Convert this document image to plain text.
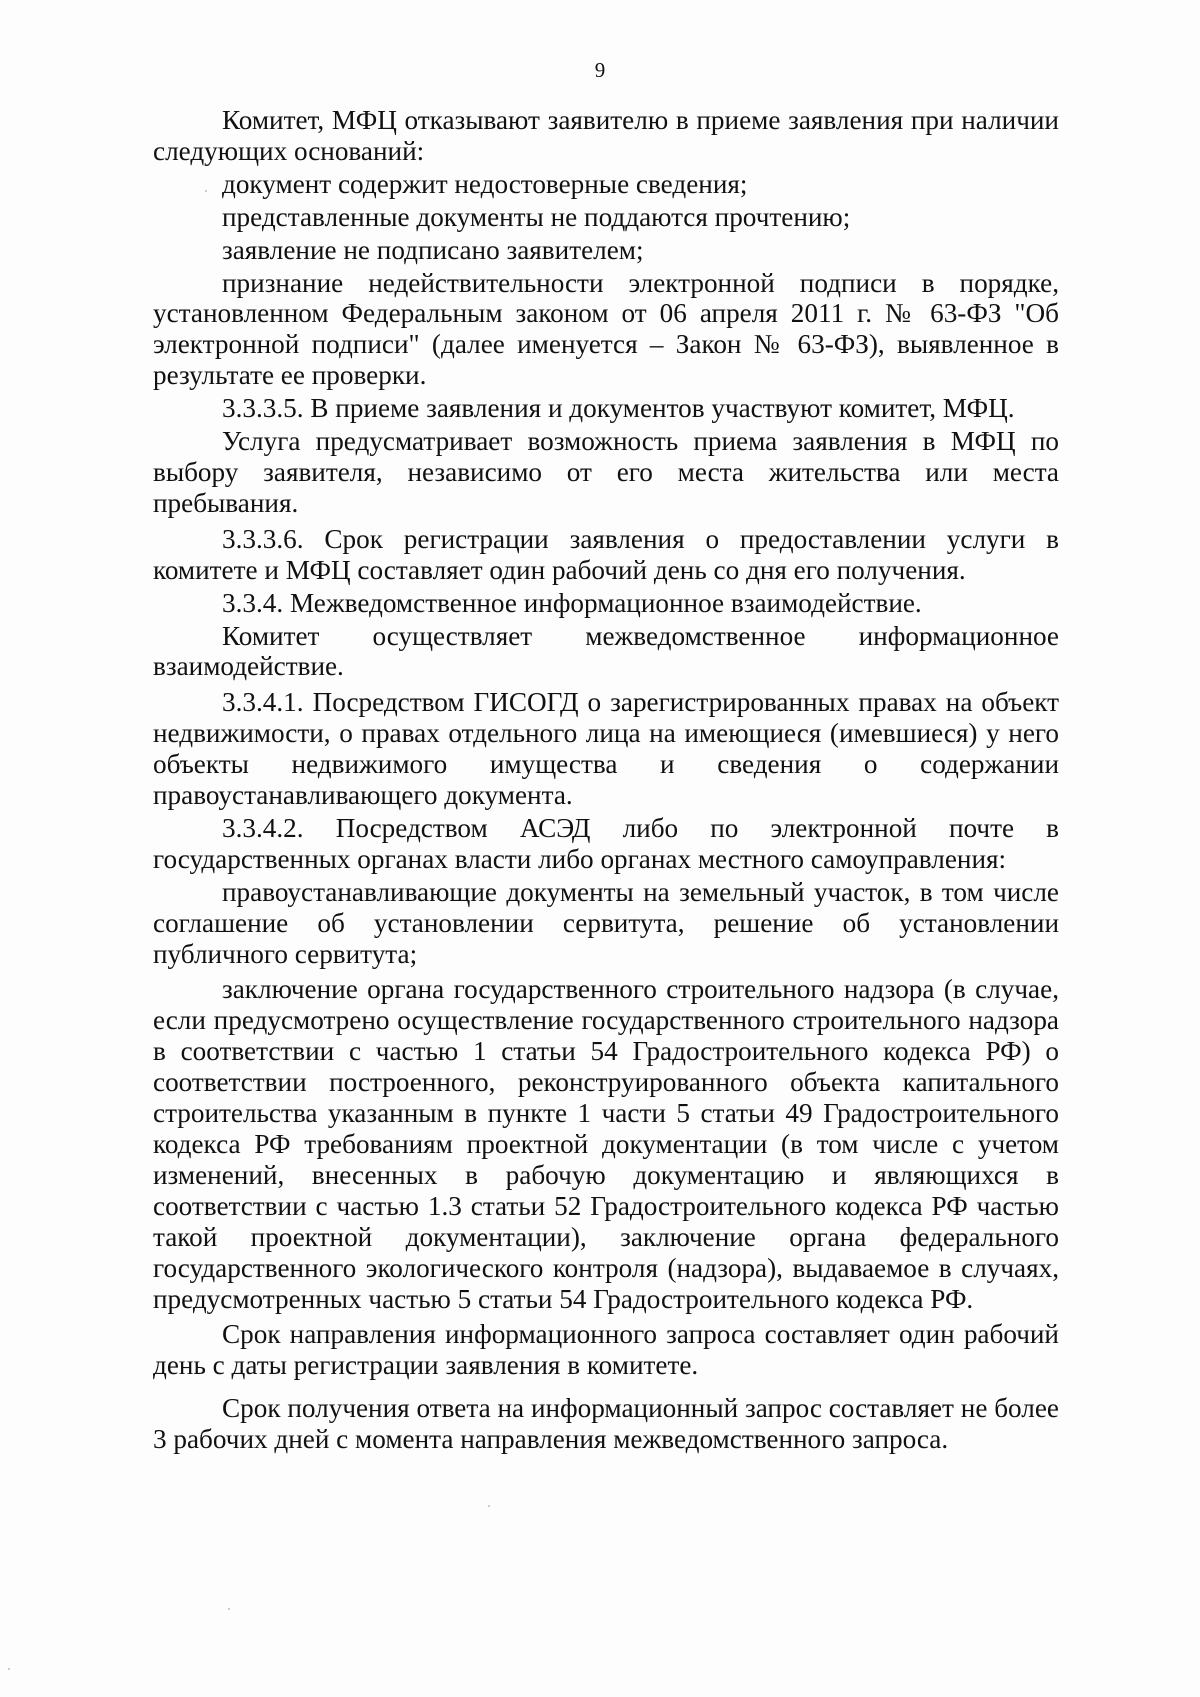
9

Комитет, МФЦ отказывают заявителю в приеме заявления при наличии следующих оснований:

документ содержит недостоверные сведения;

представленные документы не поддаются прочтению;

заявление не подписано заявителем;

признание недействительности электронной подписи в порядке, установленном Федеральным законом от 06 апреля 2011 г. № 63-ФЗ "Об электронной подписи" (далее именуется – Закон № 63-ФЗ), выявленное в результате ее проверки.

3.3.3.5. В приеме заявления и документов участвуют комитет, МФЦ.

Услуга предусматривает возможность приема заявления в МФЦ по выбору заявителя, независимо от его места жительства или места пребывания.

3.3.3.6. Срок регистрации заявления о предоставлении услуги в комитете и МФЦ составляет один рабочий день со дня его получения.

3.3.4. Межведомственное информационное взаимодействие.

Комитет осуществляет межведомственное информационное взаимодействие.

3.3.4.1. Посредством ГИСОГД о зарегистрированных правах на объект недвижимости, о правах отдельного лица на имеющиеся (имевшиеся) у него объекты недвижимого имущества и сведения о содержании правоустанавливающего документа.

3.3.4.2. Посредством АСЭД либо по электронной почте в государственных органах власти либо органах местного самоуправления:

правоустанавливающие документы на земельный участок, в том числе соглашение об установлении сервитута, решение об установлении публичного сервитута;

заключение органа государственного строительного надзора (в случае, если предусмотрено осуществление государственного строительного надзора в соответствии с частью 1 статьи 54 Градостроительного кодекса РФ) о соответствии построенного, реконструированного объекта капитального строительства указанным в пункте 1 части 5 статьи 49 Градостроительного кодекса РФ требованиям проектной документации (в том числе с учетом изменений, внесенных в рабочую документацию и являющихся в соответствии с частью 1.3 статьи 52 Градостроительного кодекса РФ частью такой проектной документации), заключение органа федерального государственного экологического контроля (надзора), выдаваемое в случаях, предусмотренных частью 5 статьи 54 Градостроительного кодекса РФ.

Срок направления информационного запроса составляет один рабочий день с даты регистрации заявления в комитете.

Срок получения ответа на информационный запрос составляет не более 3 рабочих дней с момента направления межведомственного запроса.
